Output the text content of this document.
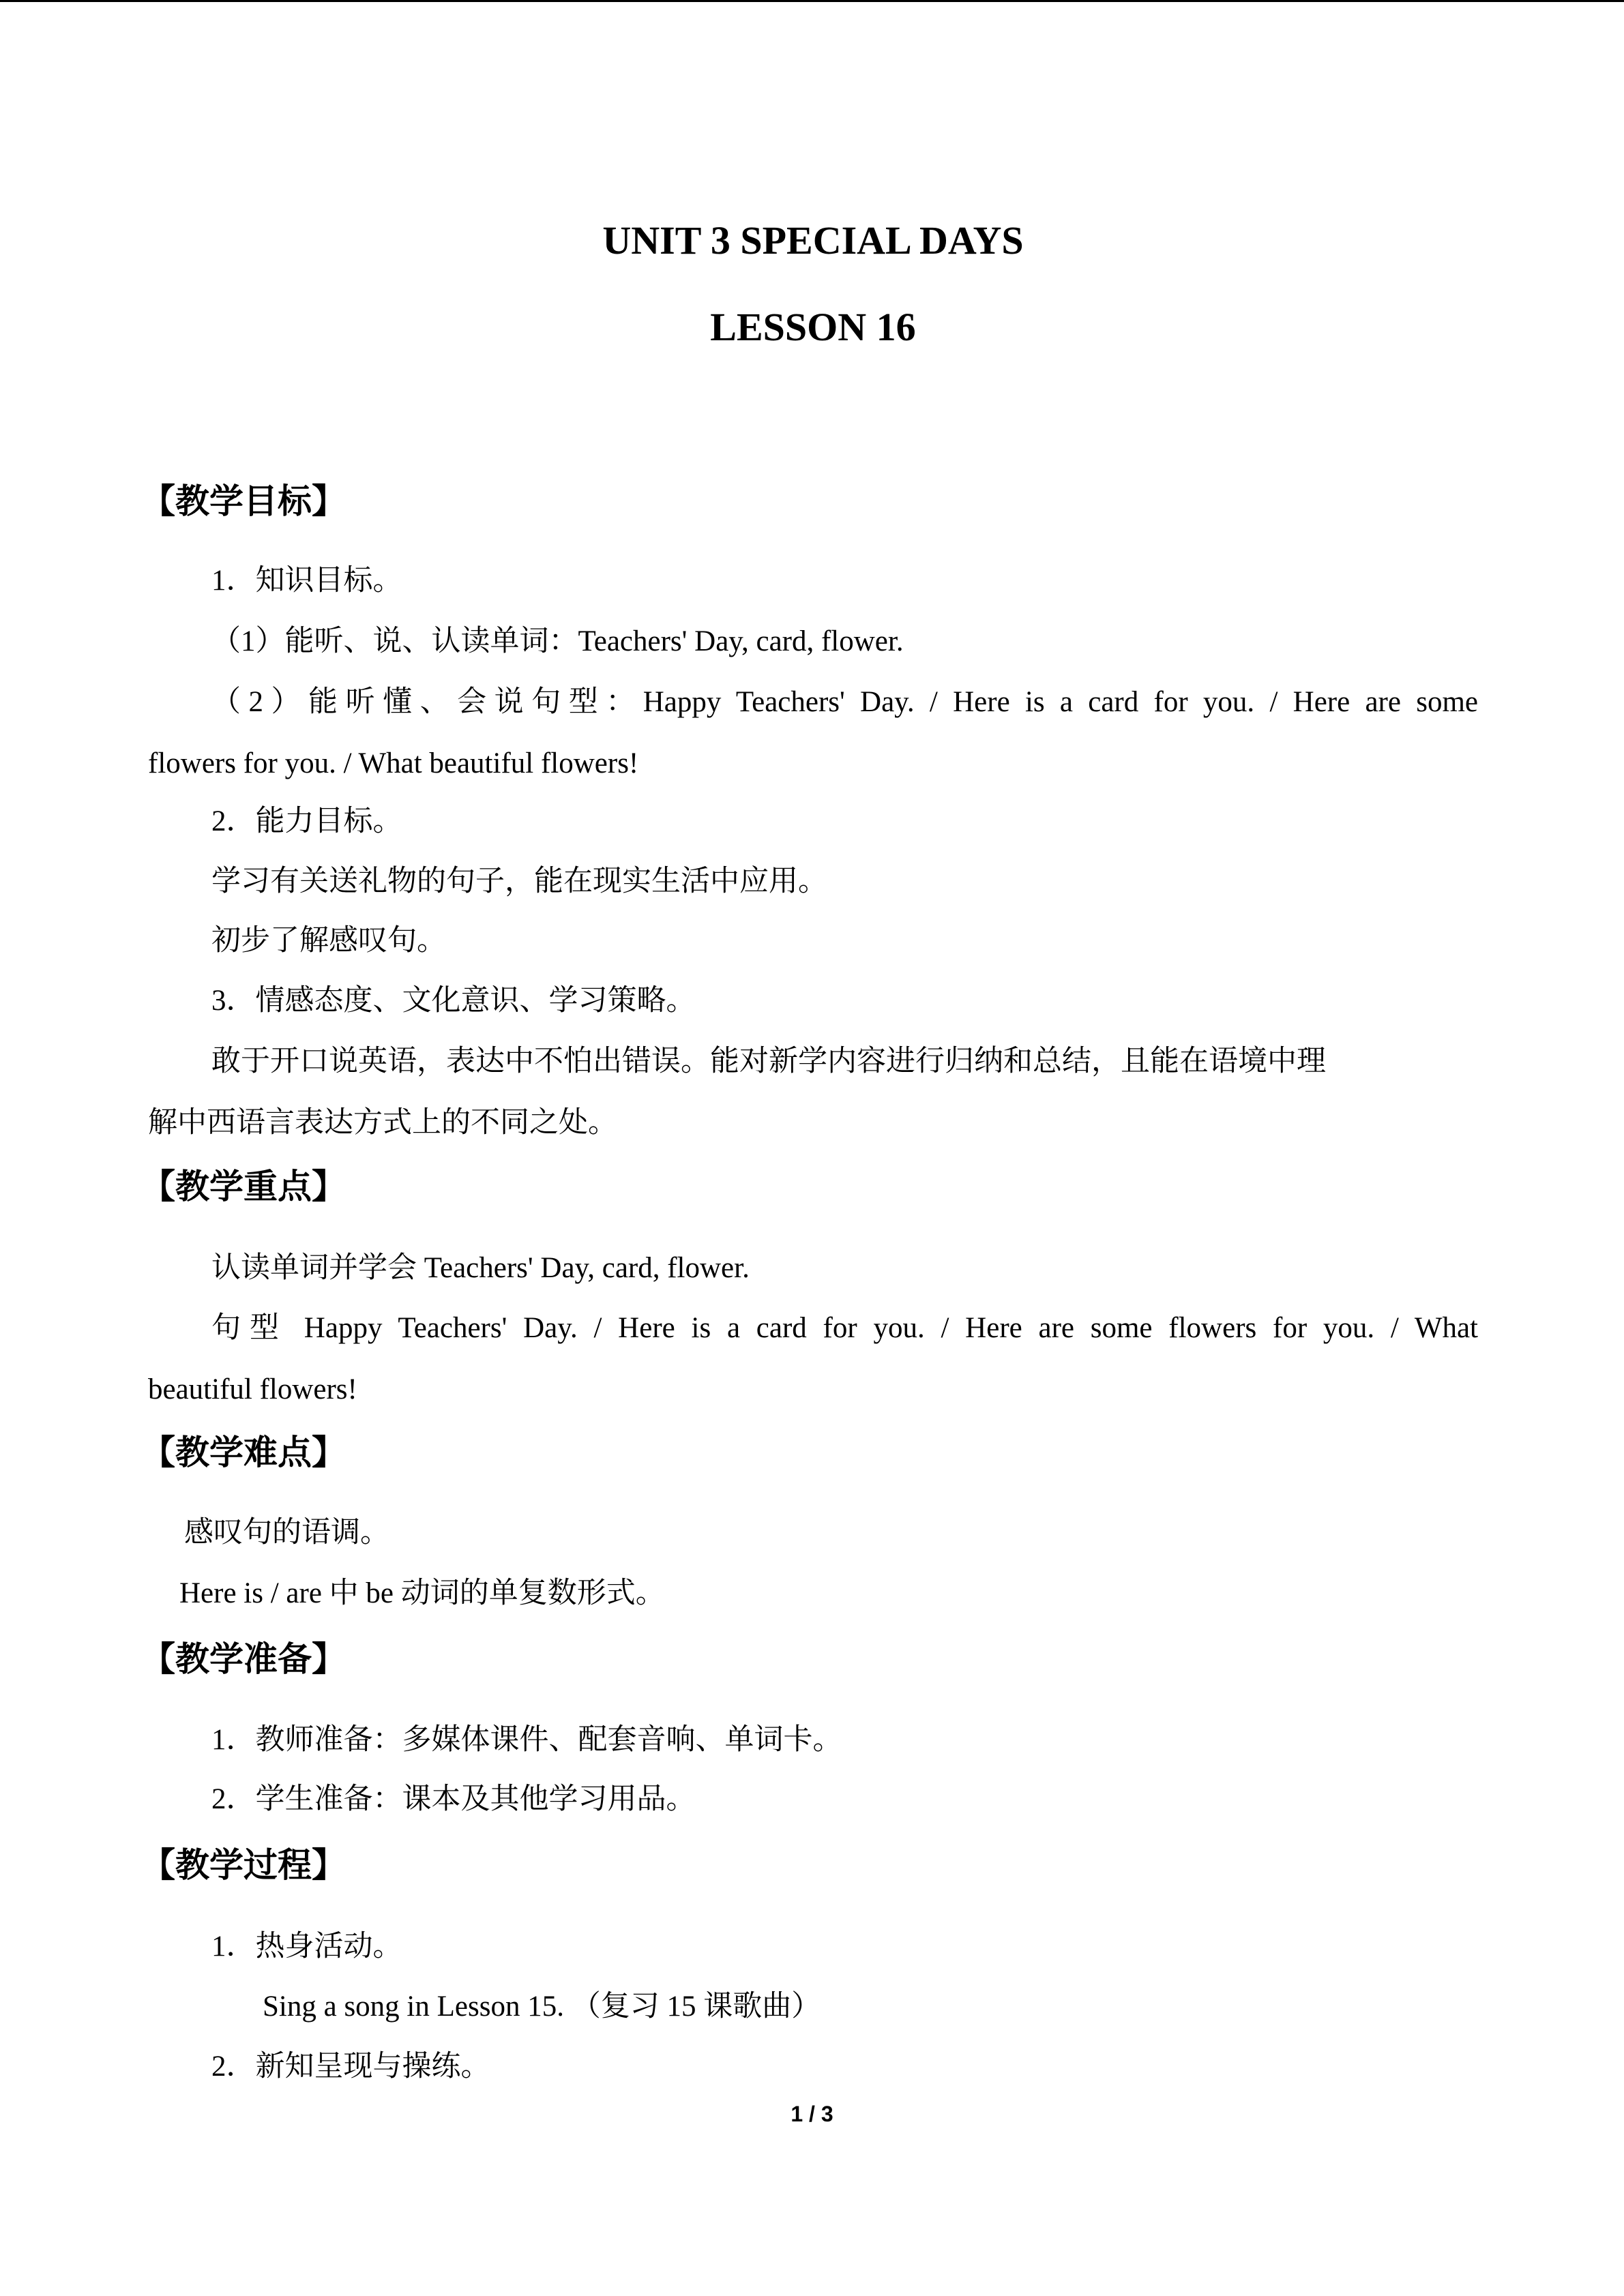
UNIT 3 SPECIAL DAYS
LESSON 16
【教学目标】
1．知识目标。
（1）能听、说、认读单词：Teachers' Day, card, flower.
（2）能听懂、会说句型：Happy Teachers' Day. / Here is a card for you. / Here are some
flowers for you. / What beautiful flowers!
2．能力目标。
学习有关送礼物的句子，能在现实生活中应用。
初步了解感叹句。
3．情感态度、文化意识、学习策略。
敢于开口说英语，表达中不怕出错误。能对新学内容进行归纳和总结，且能在语境中理
解中西语言表达方式上的不同之处。
【教学重点】
认读单词并学会 Teachers' Day, card, flower.
句型 Happy Teachers' Day. / Here is a card for you. / Here are some flowers for you. / What
beautiful flowers!
【教学难点】
感叹句的语调。
Here is / are 中 be 动词的单复数形式。
【教学准备】
1．教师准备：多媒体课件、配套音响、单词卡。
2．学生准备：课本及其他学习用品。
【教学过程】
1．热身活动。
Sing a song in Lesson 15. （复习 15 课歌曲）
2．新知呈现与操练。
1 / 3
